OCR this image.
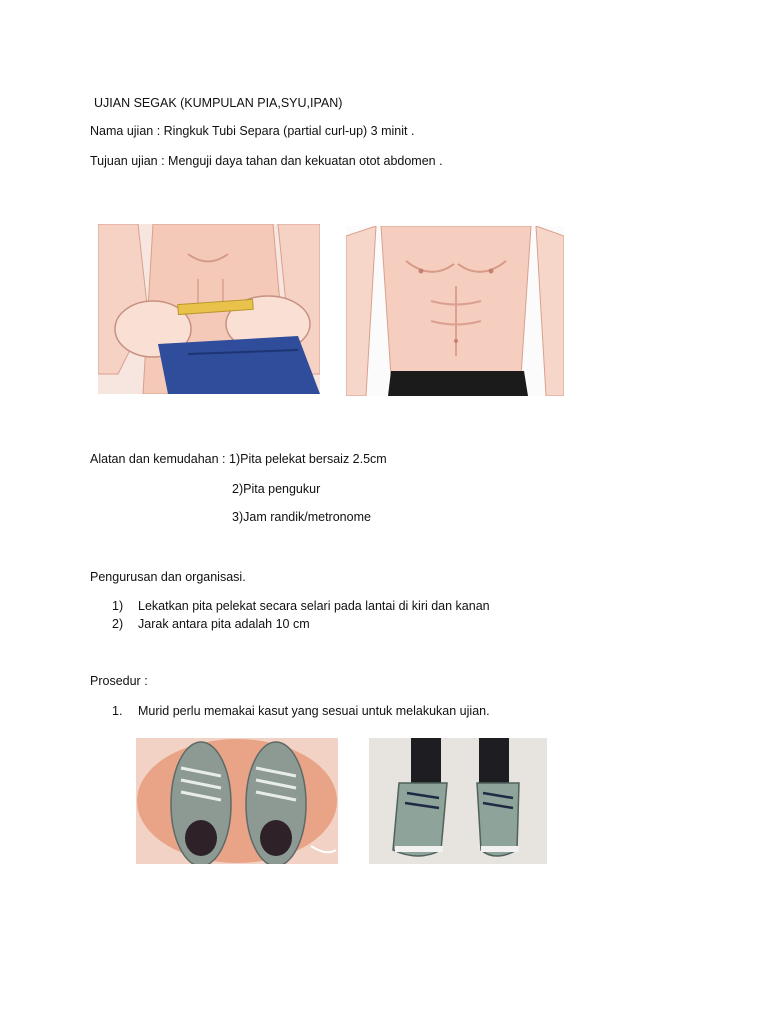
UJIAN SEGAK (KUMPULAN PIA,SYU,IPAN)
Nama ujian : Ringkuk Tubi Separa (partial curl-up) 3 minit .
Tujuan ujian : Menguji daya tahan dan kekuatan otot abdomen .
Alatan dan kemudahan : 1)Pita pelekat bersaiz 2.5cm
2)Pita pengukur
3)Jam randik/metronome
Pengurusan dan organisasi.
1) Lekatkan pita pelekat secara selari pada lantai di kiri dan kanan
2) Jarak antara pita adalah 10 cm
Prosedur :
1. Murid perlu memakai kasut yang sesuai untuk melakukan ujian.
